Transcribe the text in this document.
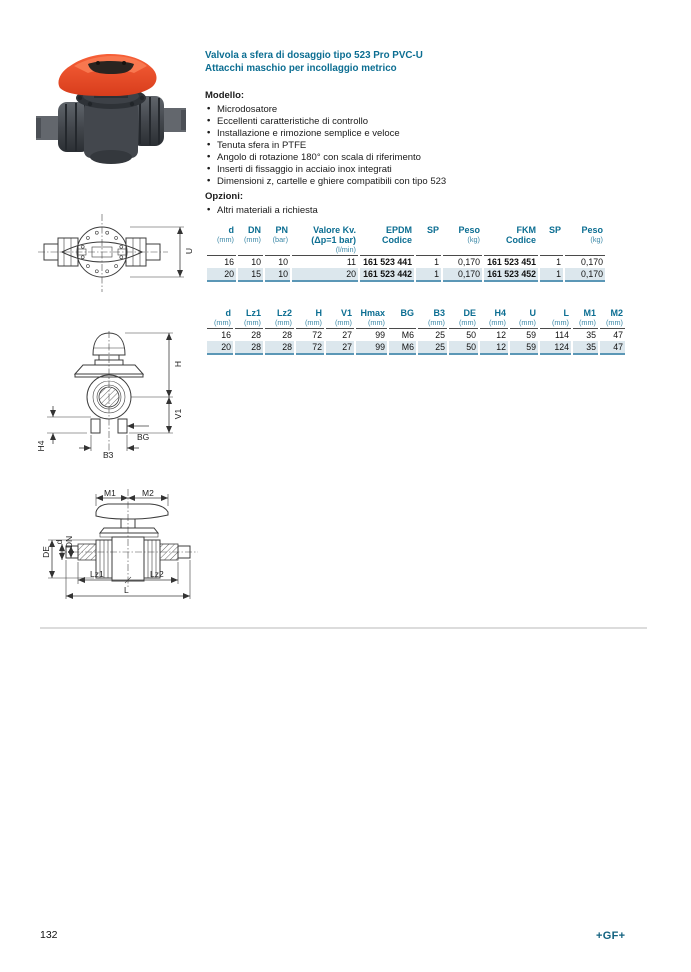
Valvola a sfera di dosaggio tipo 523 Pro PVC-U
Attacchi maschio per incollaggio metrico
Modello:
• Microdosatore
• Eccellenti caratteristiche di controllo
• Installazione e rimozione semplice e veloce
• Tenuta sfera in PTFE
• Angolo di rotazione 180° con scala di riferimento
• Inserti di fissaggio in acciaio inox integrati
• Dimensioni z, cartelle e ghiere compatibili con tipo 523
Opzioni:
• Altri materiali a richiesta
U
d
(mm)

DN
(mm)

PN
(bar)

Valore Kv.
(Δp=1 bar)
(l/min)

EPDM
Codice

SP	Peso
(kg)

FKM
Codice

SP	Peso
(kg)

16	10	10	11	161 523 441	1	0,170	161 523 451	1	0,170
20	15	10	20	161 523 442	1	0,170	161 523 452	1	0,170
d
(mm)

Lz1
(mm)

Lz2
(mm)

H
(mm)

V1
(mm)

Hmax
(mm)

BG	B3
(mm)

DE
(mm)

H4
(mm)

U
(mm)

L
(mm)

M1
(mm)

M2
(mm)

16	28	28	72	27	99	M6	25	50	12	59	114	35	47
20	28	28	72	27	99	M6	25	50	12	59	124	35	47
H
V1
H4
BG
B3
M1	M2
DE
d DN
Lz1	Lz2
L
132	+GF+
